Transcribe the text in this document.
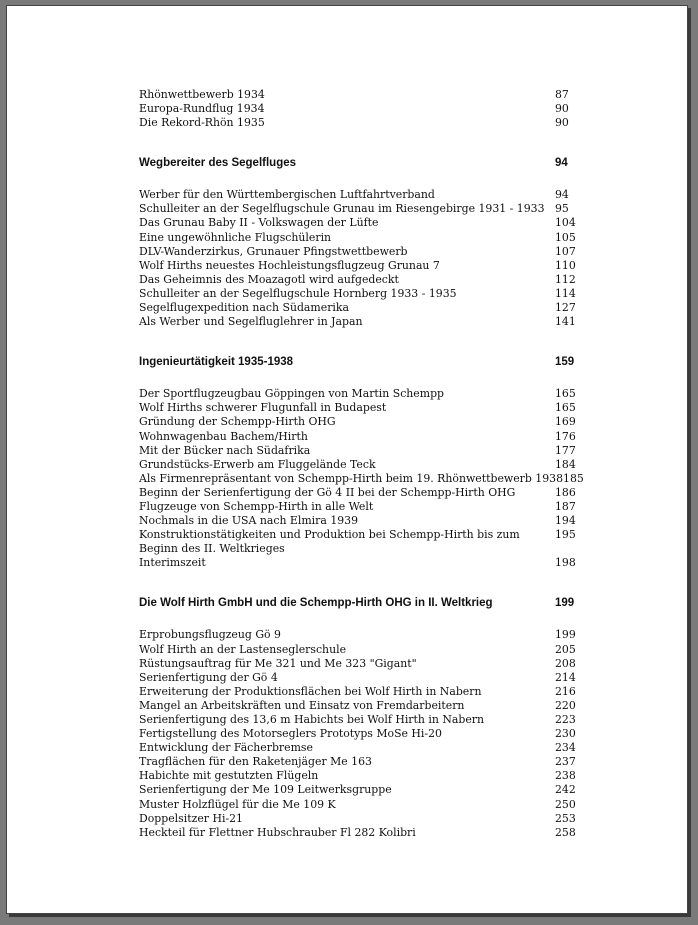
Rhönwettbewerb 1934	87
Europa-Rundflug 1934	90
Die Rekord-Rhön 1935	90
Wegbereiter des Segelfluges	94
Werber für den Württembergischen Luftfahrtverband	94
Schulleiter an der Segelflugschule Grunau im Riesengebirge 1931 - 1933 95
Das Grunau Baby II - Volkswagen der Lüfte	104
Eine ungewöhnliche Flugschülerin	105
DLV-Wanderzirkus, Grunauer Pfingstwettbewerb	107
Wolf Hirths neuestes Hochleistungsflugzeug Grunau 7	110
Das Geheimnis des Moazagotl wird aufgedeckt	112
Schulleiter an der Segelflugschule Hornberg 1933 - 1935	114
Segelflugexpedition nach Südamerika	127
Als Werber und Segelfluglehrer in Japan	141
Ingenieurtätigkeit 1935-1938	159
Der Sportflugzeugbau Göppingen von Martin Schempp	165
Wolf Hirths schwerer Flugunfall in Budapest	165
Gründung der Schempp-Hirth OHG	169
Wohnwagenbau Bachem/Hirth	176
Mit der Bücker nach Südafrika	177
Grundstücks-Erwerb am Fluggelände Teck	184
Als Firmenrepräsentant von Schempp-Hirth beim 19. Rhönwettbewerb 1938 185
Beginn der Serienfertigung der Gö 4 II bei der Schempp-Hirth OHG	186
Flugzeuge von Schempp-Hirth in alle Welt	187
Nochmals in die USA nach Elmira 1939	194
Konstruktionstätigkeiten und Produktion bei Schempp-Hirth bis zum
Beginn des II. Weltkrieges
195
Interimszeit	198
Die Wolf Hirth GmbH und die Schempp-Hirth OHG in II. Weltkrieg	199
Erprobungsflugzeug Gö 9	199
Wolf Hirth an der Lastenseglerschule	205
Rüstungsauftrag für Me 321 und Me 323 "Gigant"	208
Serienfertigung der Gö 4	214
Erweiterung der Produktionsflächen bei Wolf Hirth in Nabern	216
Mangel an Arbeitskräften und Einsatz von Fremdarbeitern	220
Serienfertigung des 13,6 m Habichts bei Wolf Hirth in Nabern	223
Fertigstellung des Motorseglers Prototyps MoSe Hi-20	230
Entwicklung der Fächerbremse	234
Tragflächen für den Raketenjäger Me 163	237
Habichte mit gestutzten Flügeln	238
Serienfertigung der Me 109 Leitwerksgruppe	242
Muster Holzflügel für die Me 109 K	250
Doppelsitzer Hi-21	253
Heckteil für Flettner Hubschrauber Fl 282 Kolibri	258
